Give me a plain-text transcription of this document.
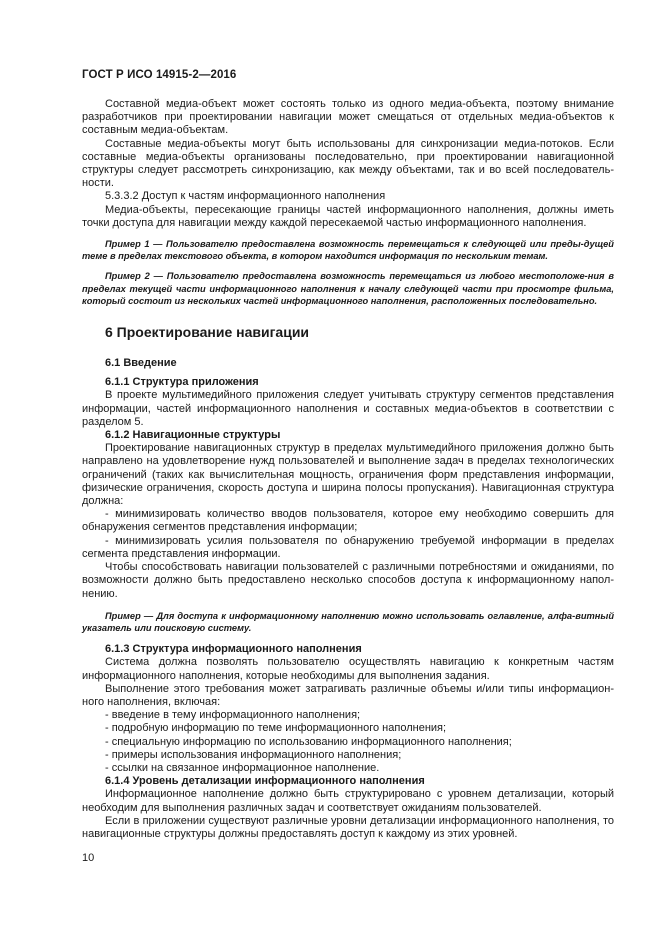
ГОСТ Р ИСО 14915-2—2016

Составной медиа-объект может состоять только из одного медиа-объекта, поэтому внимание разработчиков при проектировании навигации может смещаться от отдельных медиа-объектов к составным медиа-объектам.

Составные медиа-объекты могут быть использованы для синхронизации медиа-потоков. Если составные медиа-объекты организованы последовательно, при проектировании навигационной структуры следует рассмотреть синхронизацию, как между объектами, так и во всей последователь-ности.

5.3.3.2 Доступ к частям информационного наполнения

Медиа-объекты, пересекающие границы частей информационного наполнения, должны иметь точки доступа для навигации между каждой пересекаемой частью информационного наполнения.

Пример 1 — Пользователю предоставлена возможность перемещаться к следующей или преды-дущей теме в пределах текстового объекта, в котором находится информация по нескольким темам.

Пример 2 — Пользователю предоставлена возможность перемещаться из любого местоположе-ния в пределах текущей части информационного наполнения к началу следующей части при просмотре фильма, который состоит из нескольких частей информационного наполнения, расположенных последовательно.

6 Проектирование навигации

6.1 Введение

6.1.1 Структура приложения

В проекте мультимедийного приложения следует учитывать структуру сегментов представления информации, частей информационного наполнения и составных медиа-объектов в соответствии с разделом 5.

6.1.2 Навигационные структуры

Проектирование навигационных структур в пределах мультимедийного приложения должно быть направлено на удовлетворение нужд пользователей и выполнение задач в пределах технологических ограничений (таких как вычислительная мощность, ограничения форм представления информации, физические ограничения, скорость доступа и ширина полосы пропускания). Навигационная структура должна:

- минимизировать количество вводов пользователя, которое ему необходимо совершить для обнаружения сегментов представления информации;

- минимизировать усилия пользователя по обнаружению требуемой информации в пределах сегмента представления информации.

Чтобы способствовать навигации пользователей с различными потребностями и ожиданиями, по возможности должно быть предоставлено несколько способов доступа к информационному напол-нению.

Пример — Для доступа к информационному наполнению можно использовать оглавление, алфа-витный указатель или поисковую систему.

6.1.3 Структура информационного наполнения

Система должна позволять пользователю осуществлять навигацию к конкретным частям информационного наполнения, которые необходимы для выполнения задания.

Выполнение этого требования может затрагивать различные объемы и/или типы информацион-ного наполнения, включая:

- введение в тему информационного наполнения;

- подробную информацию по теме информационного наполнения;

- специальную информацию по использованию информационного наполнения;

- примеры использования информационного наполнения;

- ссылки на связанное информационное наполнение.

6.1.4 Уровень детализации информационного наполнения

Информационное наполнение должно быть структурировано с уровнем детализации, который необходим для выполнения различных задач и соответствует ожиданиям пользователей.

Если в приложении существуют различные уровни детализации информационного наполнения, то навигационные структуры должны предоставлять доступ к каждому из этих уровней.

10
